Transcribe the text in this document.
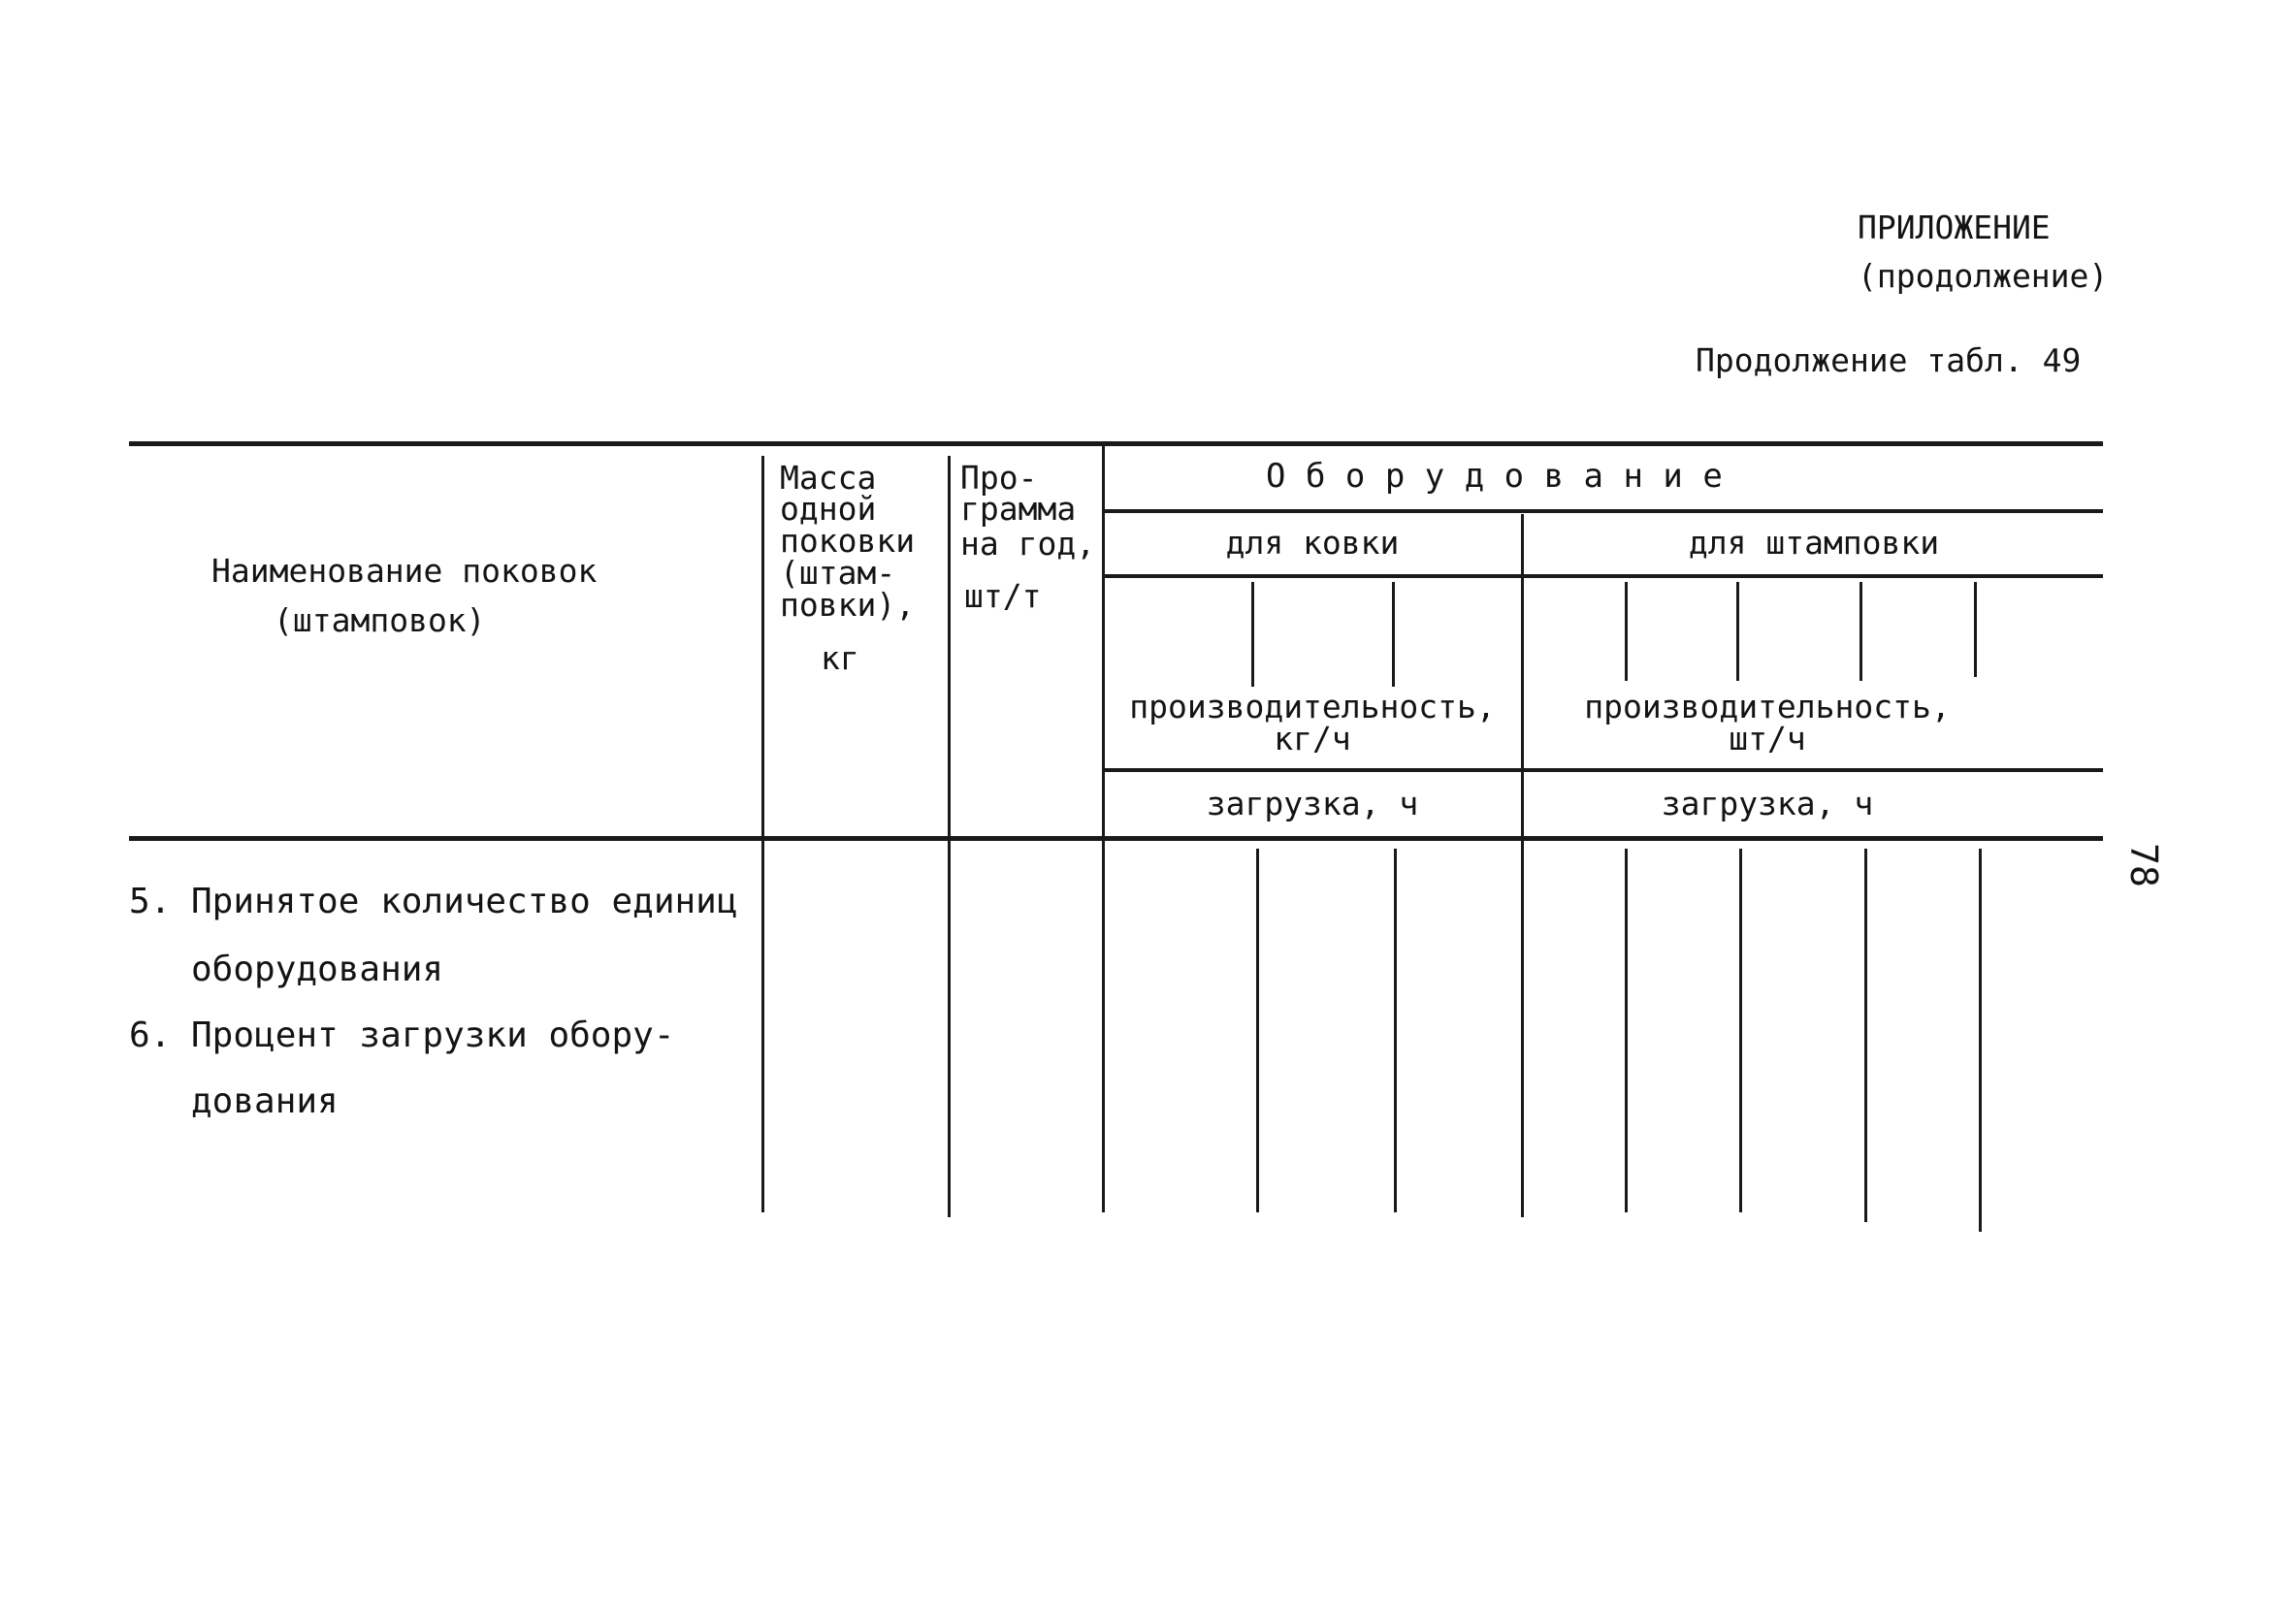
ПРИЛОЖЕНИЕ
(продолжение)
Продолжение табл. 49
Наименование поковок
(штамповок)
Масса
одной
поковки
(штам-
повки),
кг
Про-
грамма
на год,
шт/т
О б о р у д о в а н и е
для ковки	для штамповки
производительность,
кг/ч
производительность,
шт/ч
загрузка, ч	загрузка, ч
5. Принятое количество единиц
оборудования
6. Процент загрузки обору-
дования
78
